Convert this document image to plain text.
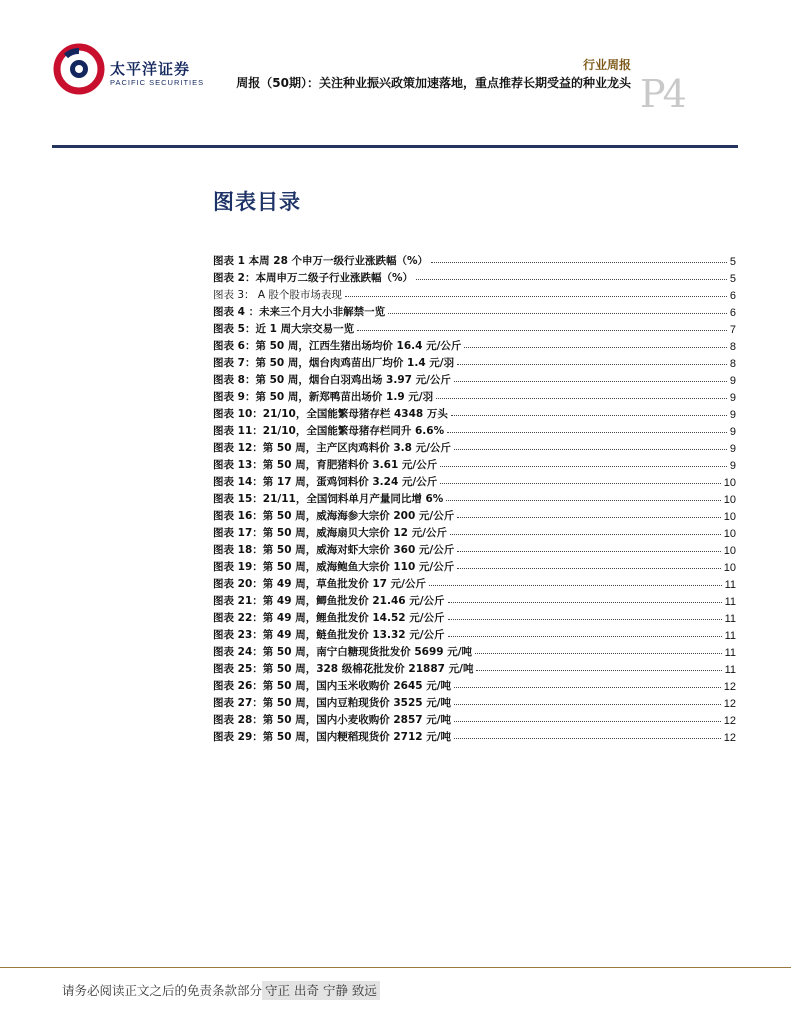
太平洋证券
PACIFIC SECURITIES
行业周报
周报（50期）：关注种业振兴政策加速落地，重点推荐长期受益的种业龙头 P4
图表目录
图表 1 本周 28 个申万一级行业涨跌幅（%）	5
图表 2：本周申万二级子行业涨跌幅（%）	5
图表 3： A 股个股市场表现	6
图表 4 ：未来三个月大小非解禁一览	6
图表 5：近 1 周大宗交易一览	7
图表 6：第 50 周，江西生猪出场均价 16.4 元/公斤	8
图表 7：第 50 周，烟台肉鸡苗出厂均价 1.4 元/羽	8
图表 8：第 50 周，烟台白羽鸡出场 3.97 元/公斤	9
图表 9：第 50 周，新郑鸭苗出场价 1.9 元/羽	9
图表 10：21/10，全国能繁母猪存栏 4348 万头	9
图表 11：21/10，全国能繁母猪存栏同升 6.6%	9
图表 12：第 50 周，主产区肉鸡料价 3.8 元/公斤	9
图表 13：第 50 周，育肥猪料价 3.61 元/公斤	9
图表 14：第 17 周，蛋鸡饲料价 3.24 元/公斤	10
图表 15：21/11，全国饲料单月产量同比增 6%	10
图表 16：第 50 周，威海海参大宗价 200 元/公斤	10
图表 17：第 50 周，威海扇贝大宗价 12 元/公斤	10
图表 18：第 50 周，威海对虾大宗价 360 元/公斤	10
图表 19：第 50 周，威海鲍鱼大宗价 110 元/公斤	10
图表 20：第 49 周，草鱼批发价 17 元/公斤	11
图表 21：第 49 周，鲫鱼批发价 21.46 元/公斤	11
图表 22：第 49 周，鲤鱼批发价 14.52 元/公斤	11
图表 23：第 49 周，鲢鱼批发价 13.32 元/公斤	11
图表 24：第 50 周，南宁白糖现货批发价 5699 元/吨	11
图表 25：第 50 周，328 级棉花批发价 21887 元/吨	11
图表 26：第 50 周，国内玉米收购价 2645 元/吨	12
图表 27：第 50 周，国内豆粕现货价 3525 元/吨	12
图表 28：第 50 周，国内小麦收购价 2857 元/吨	12
图表 29：第 50 周，国内粳稻现货价 2712 元/吨	12
请务必阅读正文之后的免责条款部分 守正 出奇 宁静 致远
